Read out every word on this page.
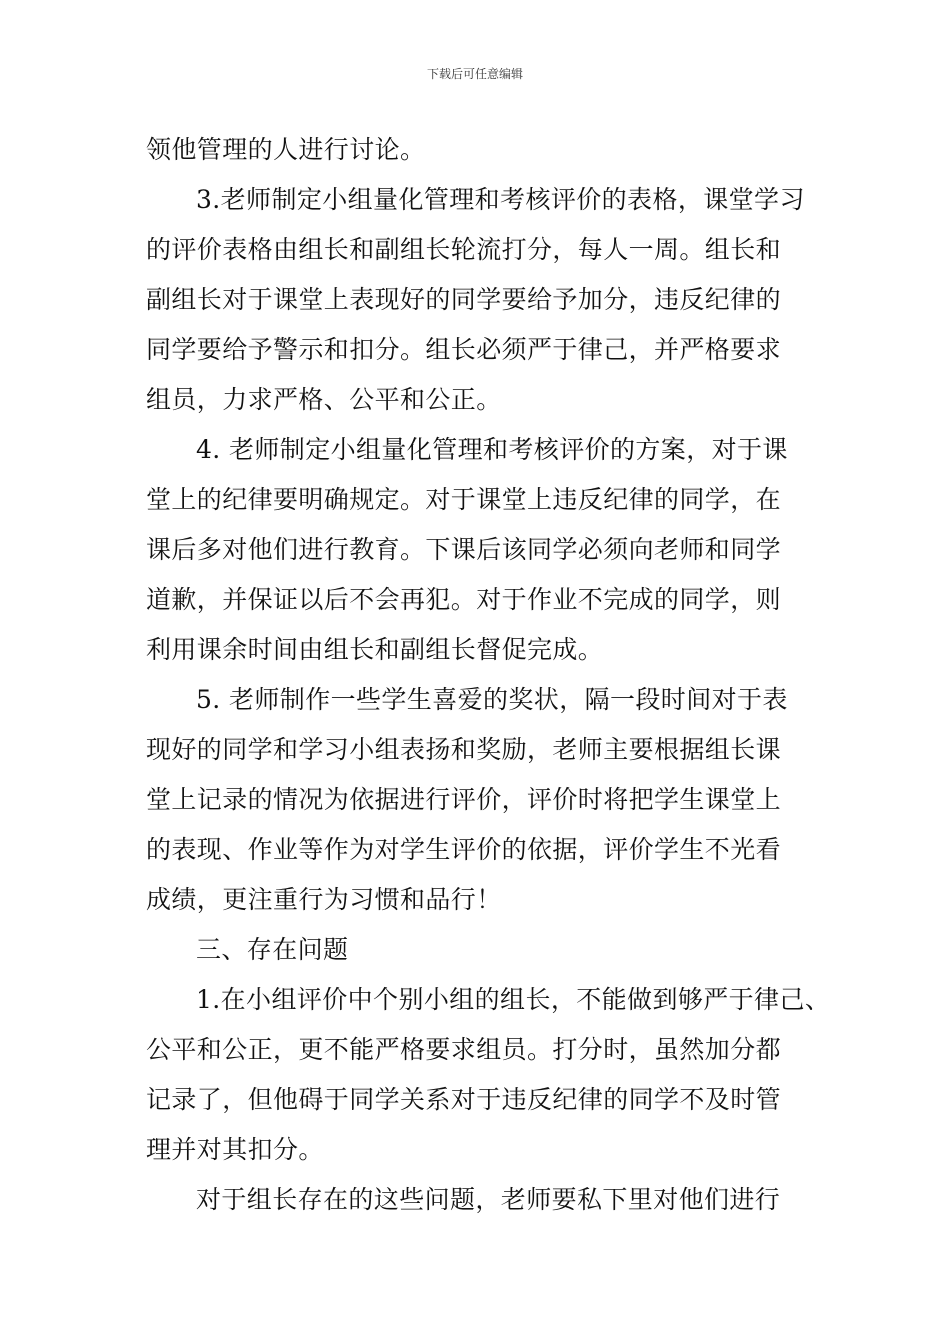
下载后可任意编辑
领他管理的人进行讨论。
3.老师制定小组量化管理和考核评价的表格，课堂学习
的评价表格由组长和副组长轮流打分，每人一周。组长和
副组长对于课堂上表现好的同学要给予加分，违反纪律的
同学要给予警示和扣分。组长必须严于律己，并严格要求
组员，力求严格、公平和公正。
4. 老师制定小组量化管理和考核评价的方案，对于课
堂上的纪律要明确规定。对于课堂上违反纪律的同学，在
课后多对他们进行教育。下课后该同学必须向老师和同学
道歉，并保证以后不会再犯。对于作业不完成的同学，则
利用课余时间由组长和副组长督促完成。
5. 老师制作一些学生喜爱的奖状，隔一段时间对于表
现好的同学和学习小组表扬和奖励，老师主要根据组长课
堂上记录的情况为依据进行评价，评价时将把学生课堂上
的表现、作业等作为对学生评价的依据，评价学生不光看
成绩，更注重行为习惯和品行！
三、存在问题
1.在小组评价中个别小组的组长，不能做到够严于律己、
公平和公正，更不能严格要求组员。打分时，虽然加分都
记录了，但他碍于同学关系对于违反纪律的同学不及时管
理并对其扣分。
对于组长存在的这些问题，老师要私下里对他们进行
